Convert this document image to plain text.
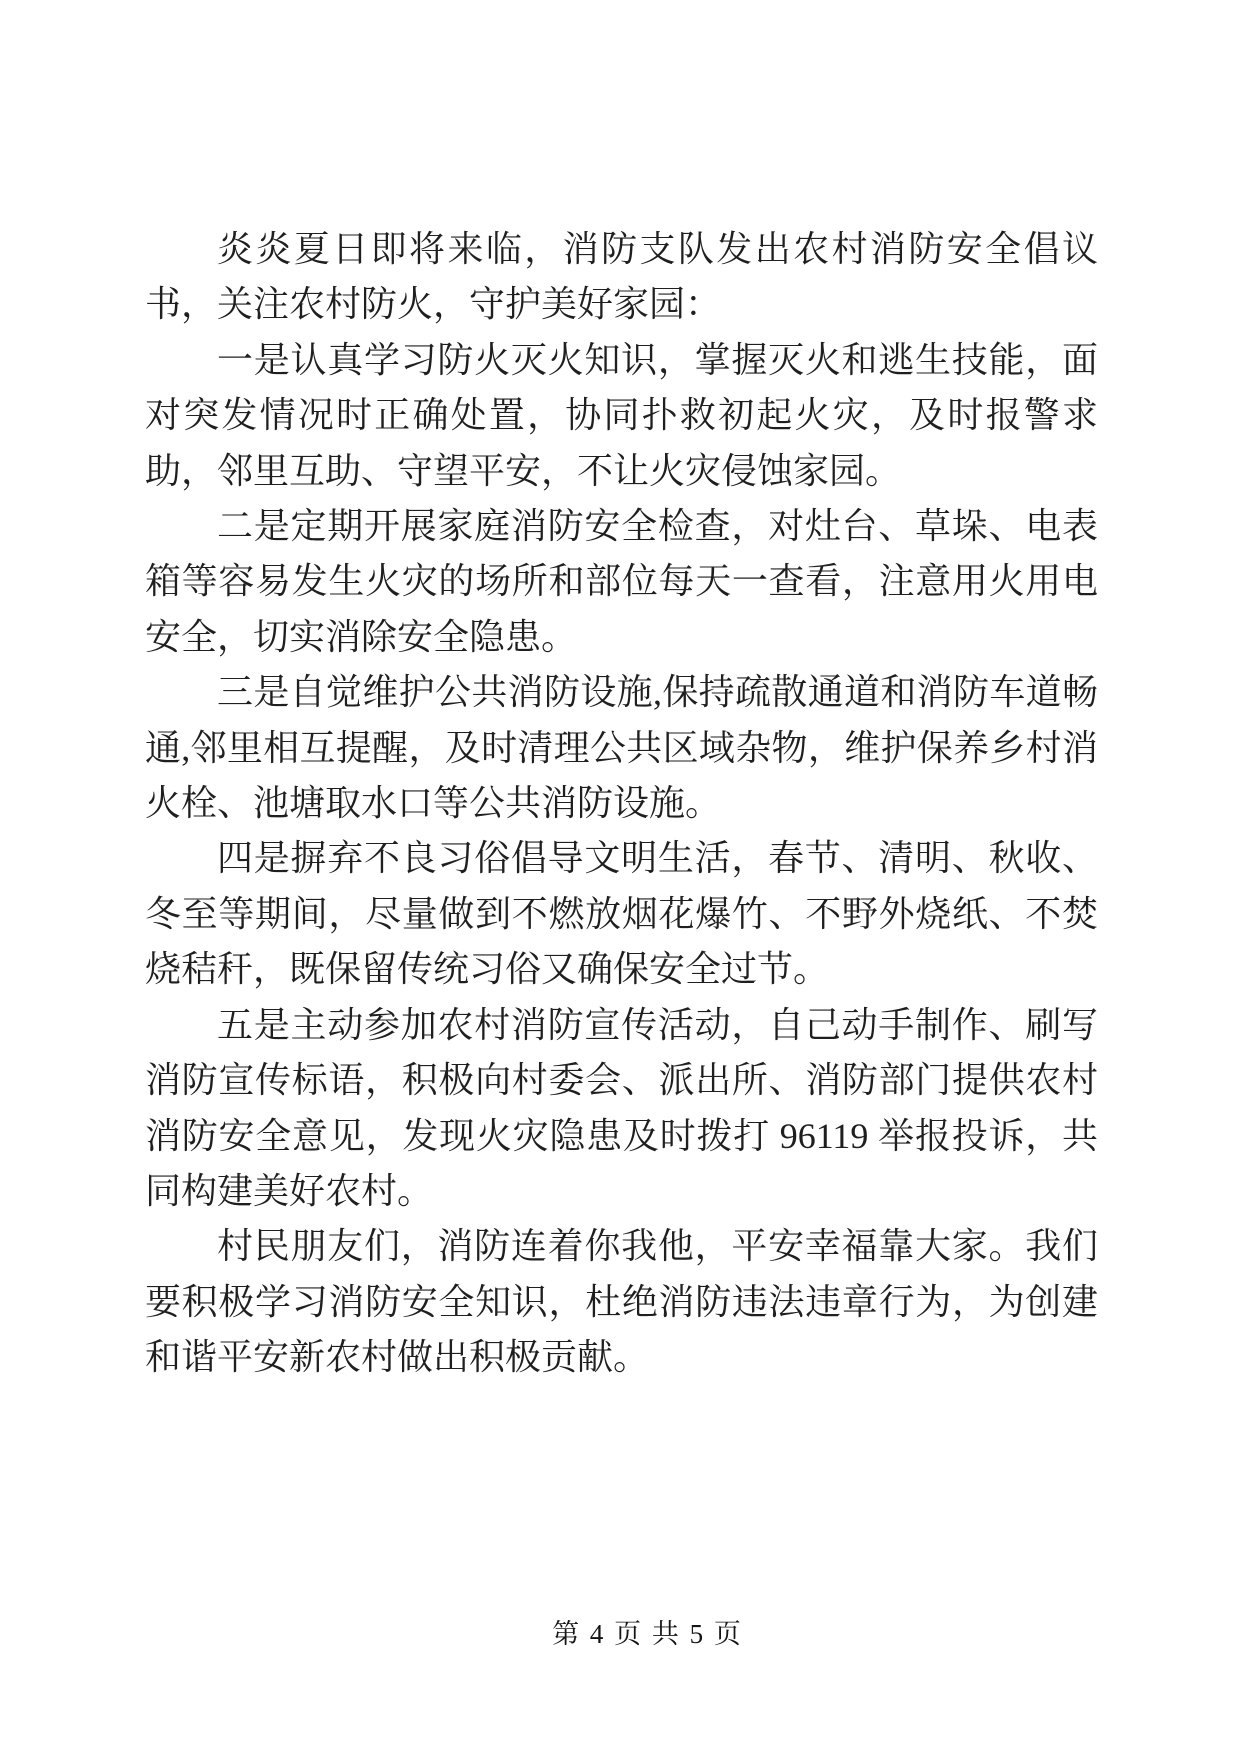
炎炎夏日即将来临，消防支队发出农村消防安全倡议书，关注农村防火，守护美好家园：

一是认真学习防火灭火知识，掌握灭火和逃生技能，面对突发情况时正确处置，协同扑救初起火灾，及时报警求助，邻里互助、守望平安，不让火灾侵蚀家园。

二是定期开展家庭消防安全检查，对灶台、草垛、电表箱等容易发生火灾的场所和部位每天一查看，注意用火用电安全，切实消除安全隐患。

三是自觉维护公共消防设施,保持疏散通道和消防车道畅通,邻里相互提醒，及时清理公共区域杂物，维护保养乡村消火栓、池塘取水口等公共消防设施。

四是摒弃不良习俗倡导文明生活，春节、清明、秋收、冬至等期间，尽量做到不燃放烟花爆竹、不野外烧纸、不焚烧秸秆，既保留传统习俗又确保安全过节。

五是主动参加农村消防宣传活动，自己动手制作、刷写消防宣传标语，积极向村委会、派出所、消防部门提供农村消防安全意见，发现火灾隐患及时拨打 96119 举报投诉，共同构建美好农村。

村民朋友们，消防连着你我他，平安幸福靠大家。我们要积极学习消防安全知识，杜绝消防违法违章行为，为创建和谐平安新农村做出积极贡献。

第 4 页 共 5 页
